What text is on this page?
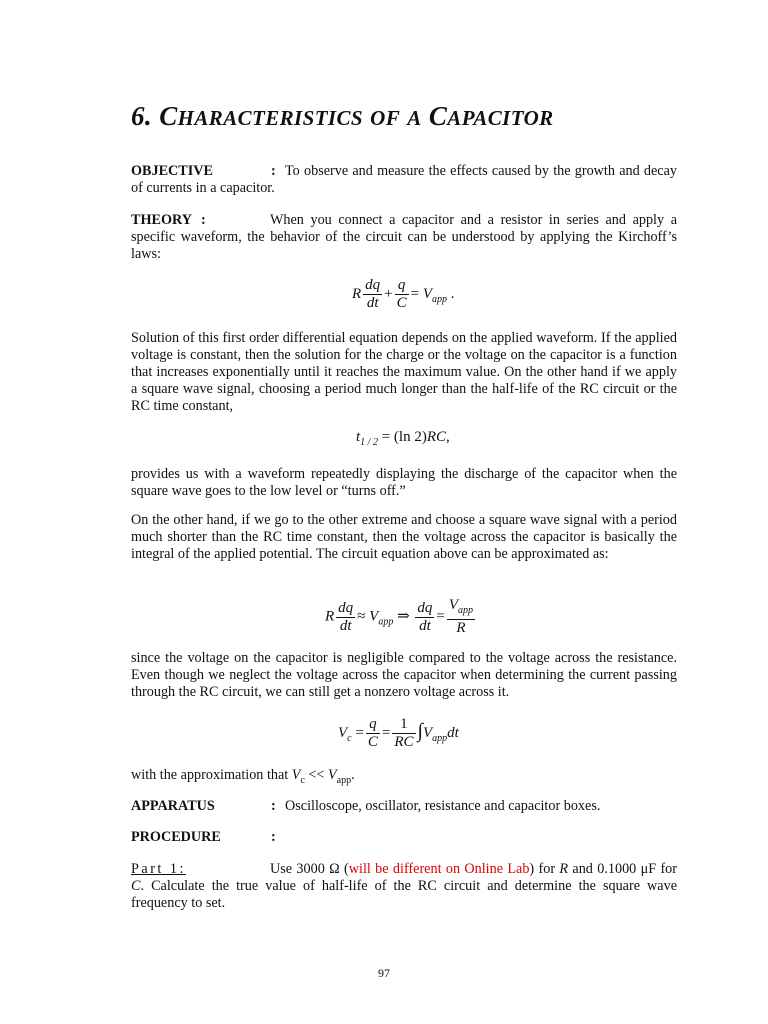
6. CHARACTERISTICS OF A CAPACITOR
OBJECTIVE	: To observe and measure the effects caused by the growth and decay of currents in a capacitor.
THEORY :	When you connect a capacitor and a resistor in series and apply a specific waveform, the behavior of the circuit can be understood by applying the Kirchoff’s laws:
R $\frac{dq}{dt} + \frac{q}{C} = V_{app}$ .
Solution of this first order differential equation depends on the applied waveform. If the applied voltage is constant, then the solution for the charge or the voltage on the capacitor is a function that increases exponentially until it reaches the maximum value. On the other hand if we apply a square wave signal, choosing a period much longer than the half-life of the RC circuit or the RC time constant,
$t_{1 / 2} = (\ln$ 2)RC,
provides us with a waveform repeatedly displaying the discharge of the capacitor when the square wave goes to the low level or “turns off.”
On the other hand, if we go to the other extreme and choose a square wave signal with a period much shorter than the RC time constant, then the voltage across the capacitor is basically the integral of the applied potential. The circuit equation above can be approximated as:
R $\frac{dq}{dt} \approx V_{app}$ ⇒ $\frac{dq}{dt} = \frac{V_{app}}{R}$
since the voltage on the capacitor is negligible compared to the voltage across the resistance. Even though we neglect the voltage across the capacitor when determining the current passing through the RC circuit, we can still get a nonzero voltage across it.
$V_c = \frac{q}{C} = \frac{1}{RC} \int V_{app}dt$
with the approximation that $V_c << V_{app}$.
APPARATUS	: Oscilloscope, oscillator, resistance and capacitor boxes.
PROCEDURE	:
Part 1:	Use 3000 Ω (will be different on Online Lab) for R and 0.1000 μF for C. Calculate the true value of half-life of the RC circuit and determine the square wave frequency to set.
97
